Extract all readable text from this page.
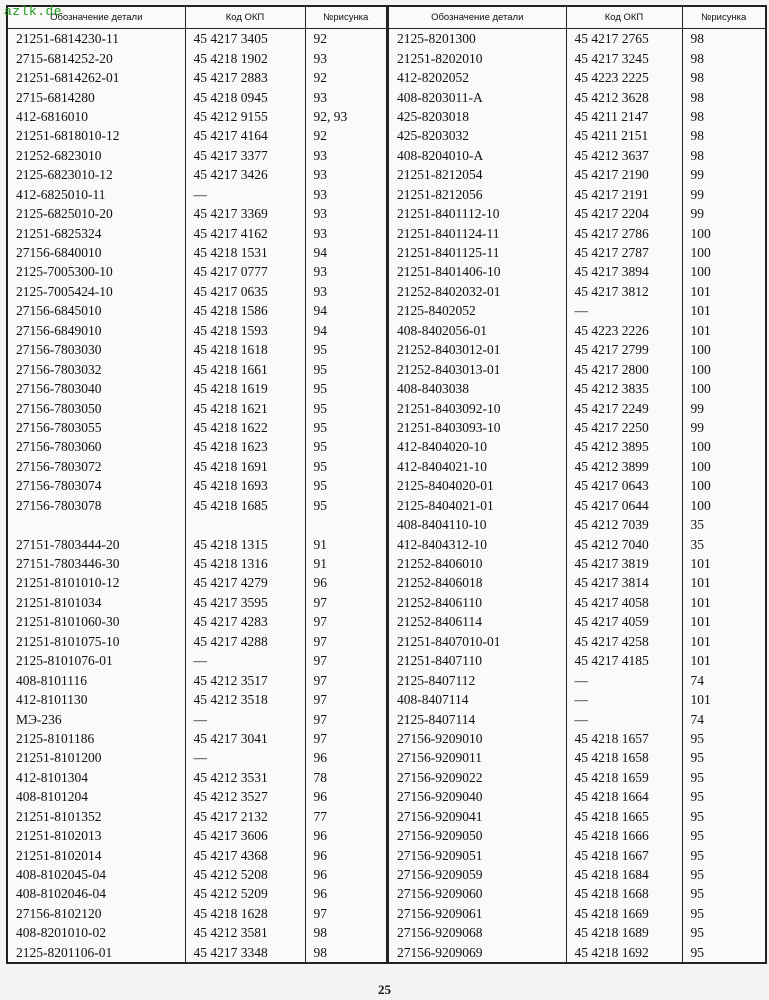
azlk.de
Обозначение детали	Код ОКП	№рисунка
21251-6814230-11	45 4217 3405	92
2715-6814252-20	45 4218 1902	93
21251-6814262-01	45 4217 2883	92
2715-6814280	45 4218 0945	93
412-6816010	45 4212 9155	92, 93
21251-6818010-12	45 4217 4164	92
21252-6823010	45 4217 3377	93
2125-6823010-12	45 4217 3426	93
412-6825010-11	—	93
2125-6825010-20	45 4217 3369	93
21251-6825324	45 4217 4162	93
27156-6840010	45 4218 1531	94
2125-7005300-10	45 4217 0777	93
2125-7005424-10	45 4217 0635	93
27156-6845010	45 4218 1586	94
27156-6849010	45 4218 1593	94
27156-7803030	45 4218 1618	95
27156-7803032	45 4218 1661	95
27156-7803040	45 4218 1619	95
27156-7803050	45 4218 1621	95
27156-7803055	45 4218 1622	95
27156-7803060	45 4218 1623	95
27156-7803072	45 4218 1691	95
27156-7803074	45 4218 1693	95
27156-7803078	45 4218 1685	95

27151-7803444-20	45 4218 1315	91
27151-7803446-30	45 4218 1316	91
21251-8101010-12	45 4217 4279	96
21251-8101034	45 4217 3595	97
21251-8101060-30	45 4217 4283	97
21251-8101075-10	45 4217 4288	97
2125-8101076-01	—	97
408-8101116	45 4212 3517	97
412-8101130	45 4212 3518	97
МЭ-236	—	97
2125-8101186	45 4217 3041	97
21251-8101200	—	96
412-8101304	45 4212 3531	78
408-8101204	45 4212 3527	96
21251-8101352	45 4217 2132	77
21251-8102013	45 4217 3606	96
21251-8102014	45 4217 4368	96
408-8102045-04	45 4212 5208	96
408-8102046-04	45 4212 5209	96
27156-8102120	45 4218 1628	97
408-8201010-02	45 4212 3581	98
2125-8201106-01	45 4217 3348	98
Обозначение детали	Код ОКП	№рисунка
2125-8201300	45 4217 2765	98
21251-8202010	45 4217 3245	98
412-8202052	45 4223 2225	98
408-8203011-А	45 4212 3628	98
425-8203018	45 4211 2147	98
425-8203032	45 4211 2151	98
408-8204010-А	45 4212 3637	98
21251-8212054	45 4217 2190	99
21251-8212056	45 4217 2191	99
21251-8401112-10	45 4217 2204	99
21251-8401124-11	45 4217 2786	100
21251-8401125-11	45 4217 2787	100
21251-8401406-10	45 4217 3894	100
21252-8402032-01	45 4217 3812	101
2125-8402052	—	101
408-8402056-01	45 4223 2226	101
21252-8403012-01	45 4217 2799	100
21252-8403013-01	45 4217 2800	100
408-8403038	45 4212 3835	100
21251-8403092-10	45 4217 2249	99
21251-8403093-10	45 4217 2250	99
412-8404020-10	45 4212 3895	100
412-8404021-10	45 4212 3899	100
2125-8404020-01	45 4217 0643	100
2125-8404021-01	45 4217 0644	100
408-8404110-10	45 4212 7039	35
412-8404312-10	45 4212 7040	35
21252-8406010	45 4217 3819	101
21252-8406018	45 4217 3814	101
21252-8406110	45 4217 4058	101
21252-8406114	45 4217 4059	101
21251-8407010-01	45 4217 4258	101
21251-8407110	45 4217 4185	101
2125-8407112	—	74
408-8407114	—	101
2125-8407114	—	74
27156-9209010	45 4218 1657	95
27156-9209011	45 4218 1658	95
27156-9209022	45 4218 1659	95
27156-9209040	45 4218 1664	95
27156-9209041	45 4218 1665	95
27156-9209050	45 4218 1666	95
27156-9209051	45 4218 1667	95
27156-9209059	45 4218 1684	95
27156-9209060	45 4218 1668	95
27156-9209061	45 4218 1669	95
27156-9209068	45 4218 1689	95
27156-9209069	45 4218 1692	95
25
